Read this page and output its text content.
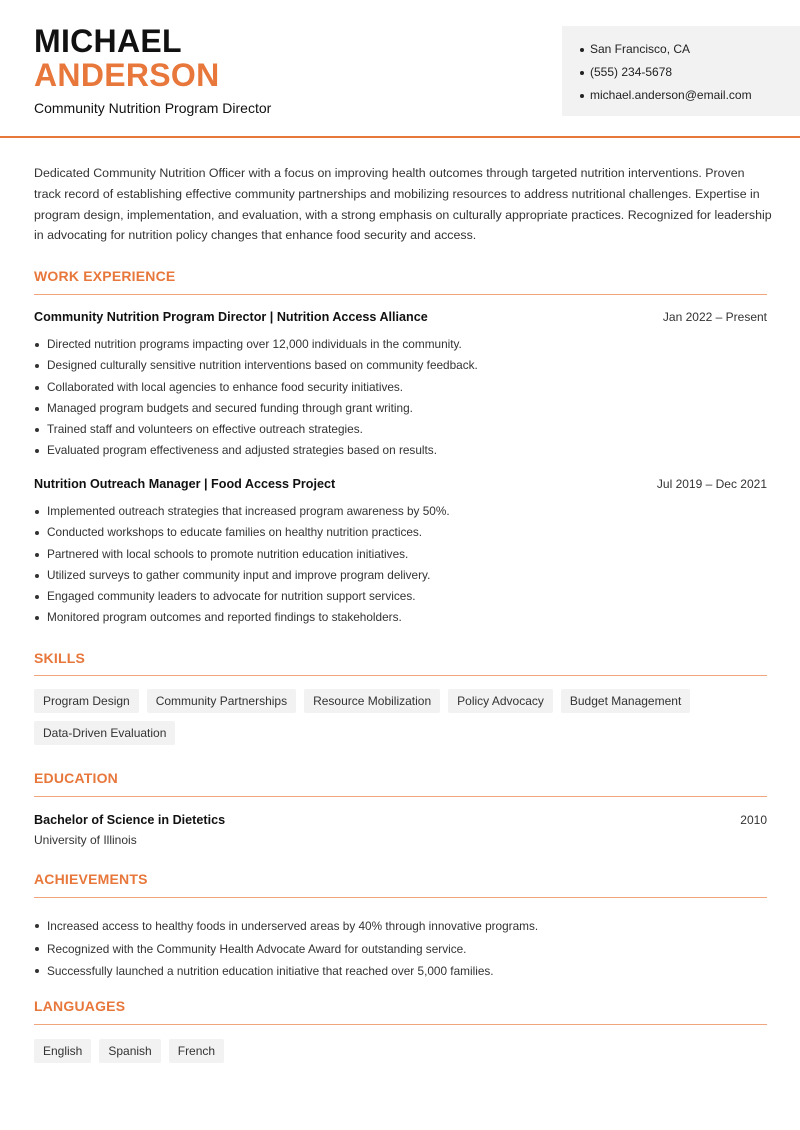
MICHAEL
ANDERSON
Community Nutrition Program Director
San Francisco, CA
(555) 234-5678
michael.anderson@email.com

Dedicated Community Nutrition Officer with a focus on improving health outcomes through targeted nutrition interventions. Proven track record of establishing effective community partnerships and mobilizing resources to address nutritional challenges. Expertise in program design, implementation, and evaluation, with a strong emphasis on culturally appropriate practices. Recognized for leadership in advocating for nutrition policy changes that enhance food security and access.

WORK EXPERIENCE
Community Nutrition Program Director | Nutrition Access Alliance	Jan 2022 – Present
Directed nutrition programs impacting over 12,000 individuals in the community.
Designed culturally sensitive nutrition interventions based on community feedback.
Collaborated with local agencies to enhance food security initiatives.
Managed program budgets and secured funding through grant writing.
Trained staff and volunteers on effective outreach strategies.
Evaluated program effectiveness and adjusted strategies based on results.
Nutrition Outreach Manager | Food Access Project	Jul 2019 – Dec 2021
Implemented outreach strategies that increased program awareness by 50%.
Conducted workshops to educate families on healthy nutrition practices.
Partnered with local schools to promote nutrition education initiatives.
Utilized surveys to gather community input and improve program delivery.
Engaged community leaders to advocate for nutrition support services.
Monitored program outcomes and reported findings to stakeholders.
SKILLS
Program Design	Community Partnerships	Resource Mobilization	Policy Advocacy	Budget Management
Data-Driven Evaluation
EDUCATION
Bachelor of Science in Dietetics	2010
University of Illinois
ACHIEVEMENTS
Increased access to healthy foods in underserved areas by 40% through innovative programs.
Recognized with the Community Health Advocate Award for outstanding service.
Successfully launched a nutrition education initiative that reached over 5,000 families.
LANGUAGES
English	Spanish	French
